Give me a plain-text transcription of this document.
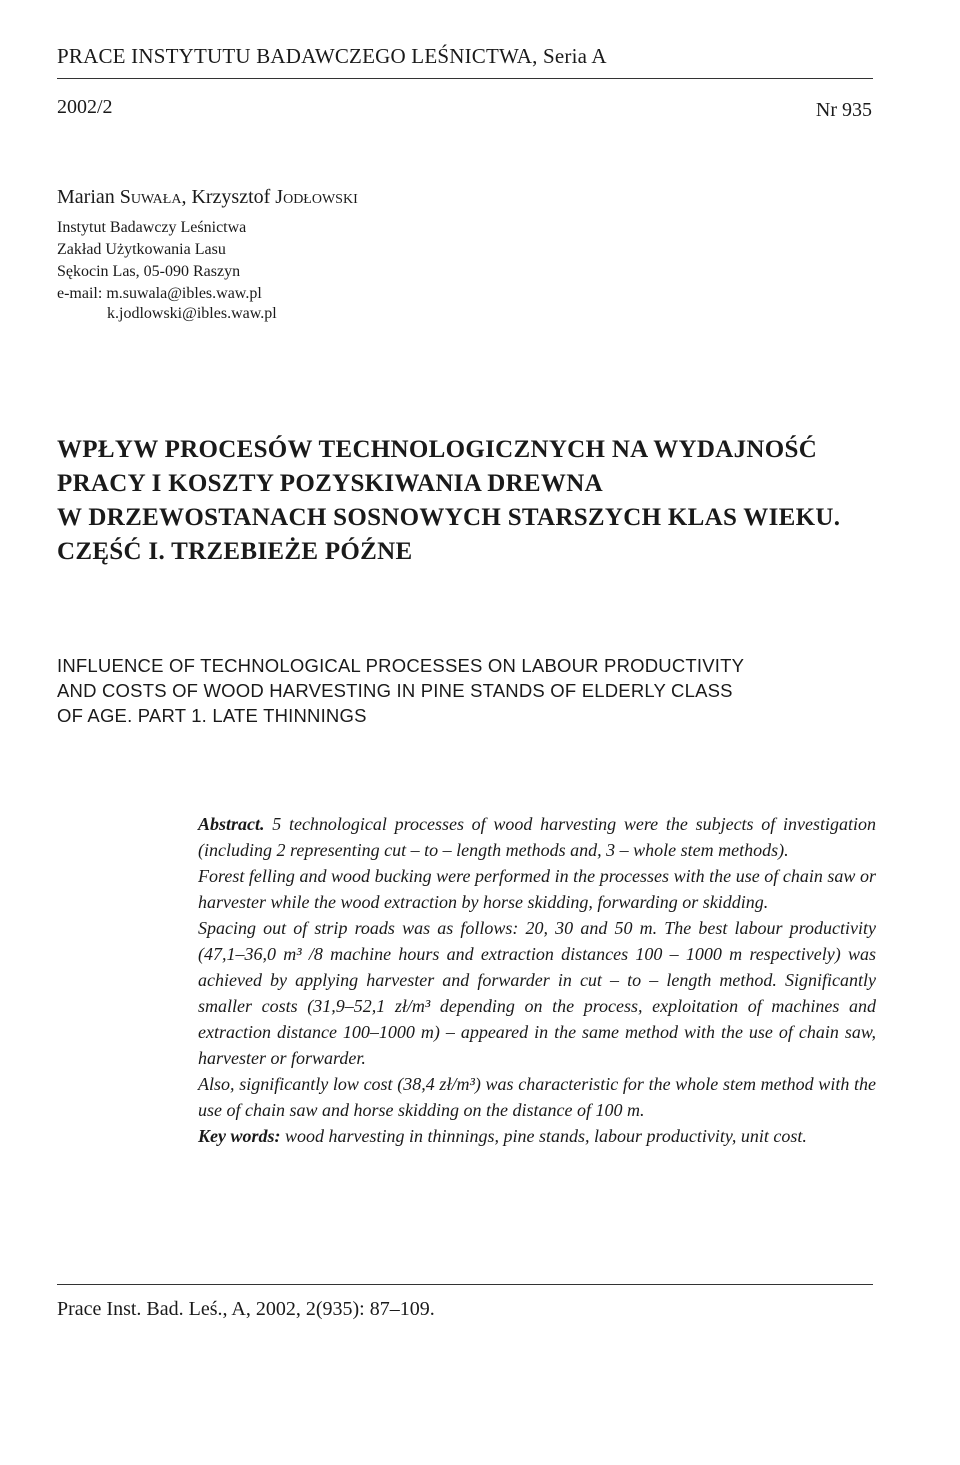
PRACE INSTYTUTU BADAWCZEGO LEŚNICTWA, Seria A
2002/2	Nr 935
Marian Suwała, Krzysztof Jodłowski
Instytut Badawczy Leśnictwa
Zakład Użytkowania Lasu
Sękocin Las, 05-090 Raszyn
e-mail: m.suwala@ibles.waw.pl
k.jodlowski@ibles.waw.pl
WPŁYW PROCESÓW TECHNOLOGICZNYCH NA WYDAJNOŚĆ
PRACY I KOSZTY POZYSKIWANIA DREWNA
W DRZEWOSTANACH SOSNOWYCH STARSZYCH KLAS WIEKU.
CZĘŚĆ I. TRZEBIEŻE PÓŹNE
INFLUENCE OF TECHNOLOGICAL PROCESSES ON LABOUR PRODUCTIVITY
AND COSTS OF WOOD HARVESTING IN PINE STANDS OF ELDERLY CLASS
OF AGE. PART 1. LATE THINNINGS

Abstract. 5 technological processes of wood harvesting were the subjects of investigation (including 2 representing cut – to – length methods and, 3 – whole stem methods).

Forest felling and wood bucking were performed in the processes with the use of chain saw or harvester while the wood extraction by horse skidding, forwarding or skidding.

Spacing out of strip roads was as follows: 20, 30 and 50 m. The best labour productivity (47,1–36,0 m³ /8 machine hours and extraction distances 100 – 1000 m respectively) was achieved by applying harvester and forwarder in cut – to – length method. Significantly smaller costs (31,9–52,1 zł/m³ depending on the process, exploitation of machines and extraction distance 100–1000 m) – appeared in the same method with the use of chain saw, harvester or forwarder.

Also, significantly low cost (38,4 zł/m³) was characteristic for the whole stem method with the use of chain saw and horse skidding on the distance of 100 m.

Key words: wood harvesting in thinnings, pine stands, labour productivity, unit cost.

Prace Inst. Bad. Leś., A, 2002, 2(935): 87–109.
